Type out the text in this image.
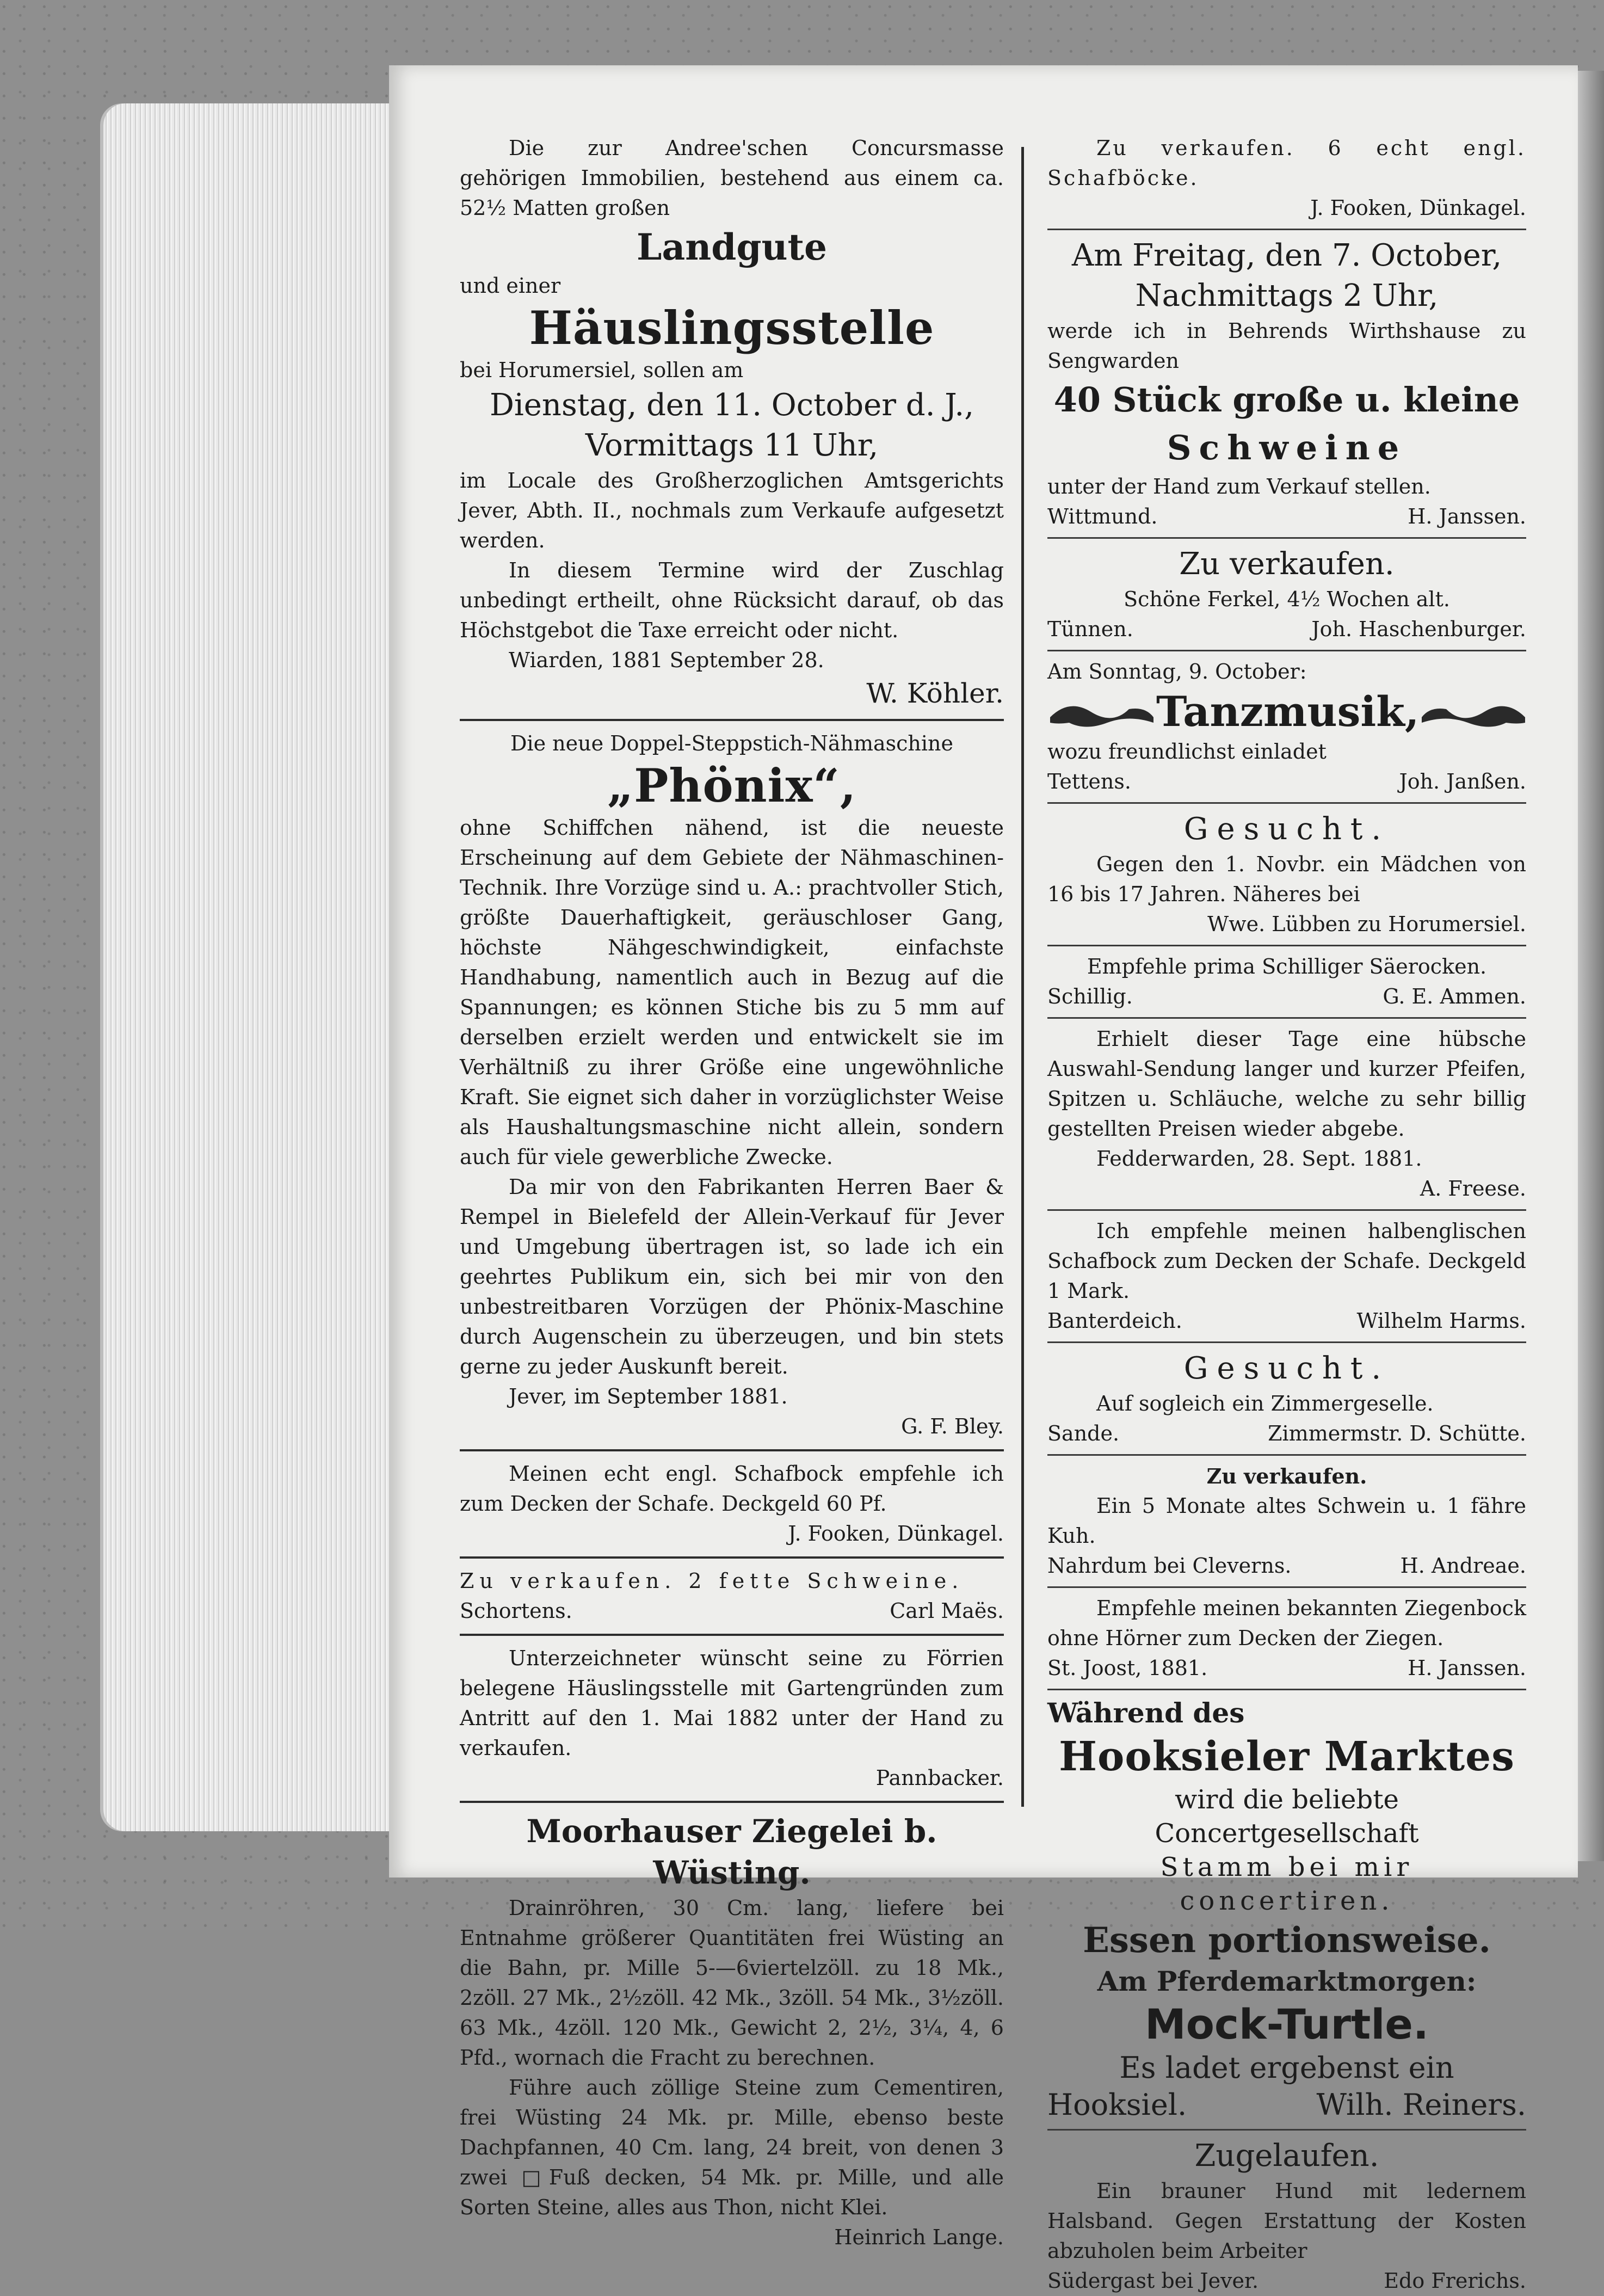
Die zur Andree'schen Concursmasse gehörigen Immobilien, bestehend aus einem ca. 52½ Matten großen

Landgute

und einer

Häuslingsstelle

bei Horumersiel, sollen am

Dienstag, den 11. October d. J.,

Vormittags 11 Uhr,

im Locale des Großherzoglichen Amtsgerichts Jever, Abth. II., nochmals zum Verkaufe aufgesetzt werden.

In diesem Termine wird der Zuschlag unbedingt ertheilt, ohne Rücksicht darauf, ob das Höchstgebot die Taxe erreicht oder nicht.

Wiarden, 1881 September 28.

W. Köhler.

Die neue Doppel-Steppstich-Nähmaschine

„Phönix“,

ohne Schiffchen nähend, ist die neueste Erscheinung auf dem Gebiete der Nähmaschinen-Technik. Ihre Vorzüge sind u. A.: prachtvoller Stich, größte Dauerhaftigkeit, geräuschloser Gang, höchste Nähgeschwindigkeit, einfachste Handhabung, namentlich auch in Bezug auf die Spannungen; es können Stiche bis zu 5 mm auf derselben erzielt werden und entwickelt sie im Verhältniß zu ihrer Größe eine ungewöhnliche Kraft. Sie eignet sich daher in vorzüglichster Weise als Haushaltungsmaschine nicht allein, sondern auch für viele gewerbliche Zwecke.

Da mir von den Fabrikanten Herren Baer & Rempel in Bielefeld der Allein-Verkauf für Jever und Umgebung übertragen ist, so lade ich ein geehrtes Publikum ein, sich bei mir von den unbestreitbaren Vorzügen der Phönix-Maschine durch Augenschein zu überzeugen, und bin stets gerne zu jeder Auskunft bereit.

Jever, im September 1881.

G. F. Bley.

Meinen echt engl. Schafbock empfehle ich zum Decken der Schafe. Deckgeld 60 Pf.

J. Fooken, Dünkagel.

Zu verkaufen. 2 fette Schweine.

Schortens.	Carl Maës.

Unterzeichneter wünscht seine zu Förrien belegene Häuslingsstelle mit Gartengründen zum Antritt auf den 1. Mai 1882 unter der Hand zu verkaufen.

Pannbacker.

Moorhauser Ziegelei b. Wüsting.

Drainröhren, 30 Cm. lang, liefere bei Entnahme größerer Quantitäten frei Wüsting an die Bahn, pr. Mille 5-—6viertelzöll. zu 18 Mk., 2zöll. 27 Mk., 2½zöll. 42 Mk., 3zöll. 54 Mk., 3½zöll. 63 Mk., 4zöll. 120 Mk., Gewicht 2, 2½, 3¼, 4, 6 Pfd., wornach die Fracht zu berechnen.

Führe auch zöllige Steine zum Cementiren, frei Wüsting 24 Mk. pr. Mille, ebenso beste Dachpfannen, 40 Cm. lang, 24 breit, von denen 3 zwei □Fuß decken, 54 Mk. pr. Mille, und alle Sorten Steine, alles aus Thon, nicht Klei.

Heinrich Lange.

Zu verkaufen. 6 echt engl. Schafböcke.

J. Fooken, Dünkagel.

Am Freitag, den 7. October,

Nachmittags 2 Uhr,

werde ich in Behrends Wirthshause zu Sengwarden

40 Stück große u. kleine

Schweine

unter der Hand zum Verkauf stellen.

Wittmund.	H. Janssen.

Zu verkaufen.

Schöne Ferkel, 4½ Wochen alt.

Tünnen.	Joh. Haschenburger.

Am Sonntag, 9. October:

Tanzmusik,

wozu freundlichst einladet

Tettens.	Joh. Janßen.

Gesucht.

Gegen den 1. Novbr. ein Mädchen von 16 bis 17 Jahren. Näheres bei

Wwe. Lübben zu Horumersiel.

Empfehle prima Schilliger Säerocken.

Schillig.	G. E. Ammen.

Erhielt dieser Tage eine hübsche Auswahl-Sendung langer und kurzer Pfeifen, Spitzen u. Schläuche, welche zu sehr billig gestellten Preisen wieder abgebe.

Fedderwarden, 28. Sept. 1881.

A. Freese.

Ich empfehle meinen halbenglischen Schafbock zum Decken der Schafe. Deckgeld 1 Mark.

Banterdeich.	Wilhelm Harms.

Gesucht.

Auf sogleich ein Zimmergeselle.

Sande.	Zimmermstr. D. Schütte.

Zu verkaufen.

Ein 5 Monate altes Schwein u. 1 fähre Kuh.

Nahrdum bei Cleverns.	H. Andreae.

Empfehle meinen bekannten Ziegenbock ohne Hörner zum Decken der Ziegen.

St. Joost, 1881.	H. Janssen.

Während des

Hooksieler Marktes

wird die beliebte Concertgesellschaft

Stamm bei mir concertiren.

Essen portionsweise.

Am Pferdemarktmorgen:

Mock-Turtle.

Es ladet ergebenst ein

Hooksiel.	Wilh. Reiners.

Zugelaufen.

Ein brauner Hund mit ledernem Halsband. Gegen Erstattung der Kosten abzuholen beim Arbeiter

Südergast bei Jever.	Edo Frerichs.
